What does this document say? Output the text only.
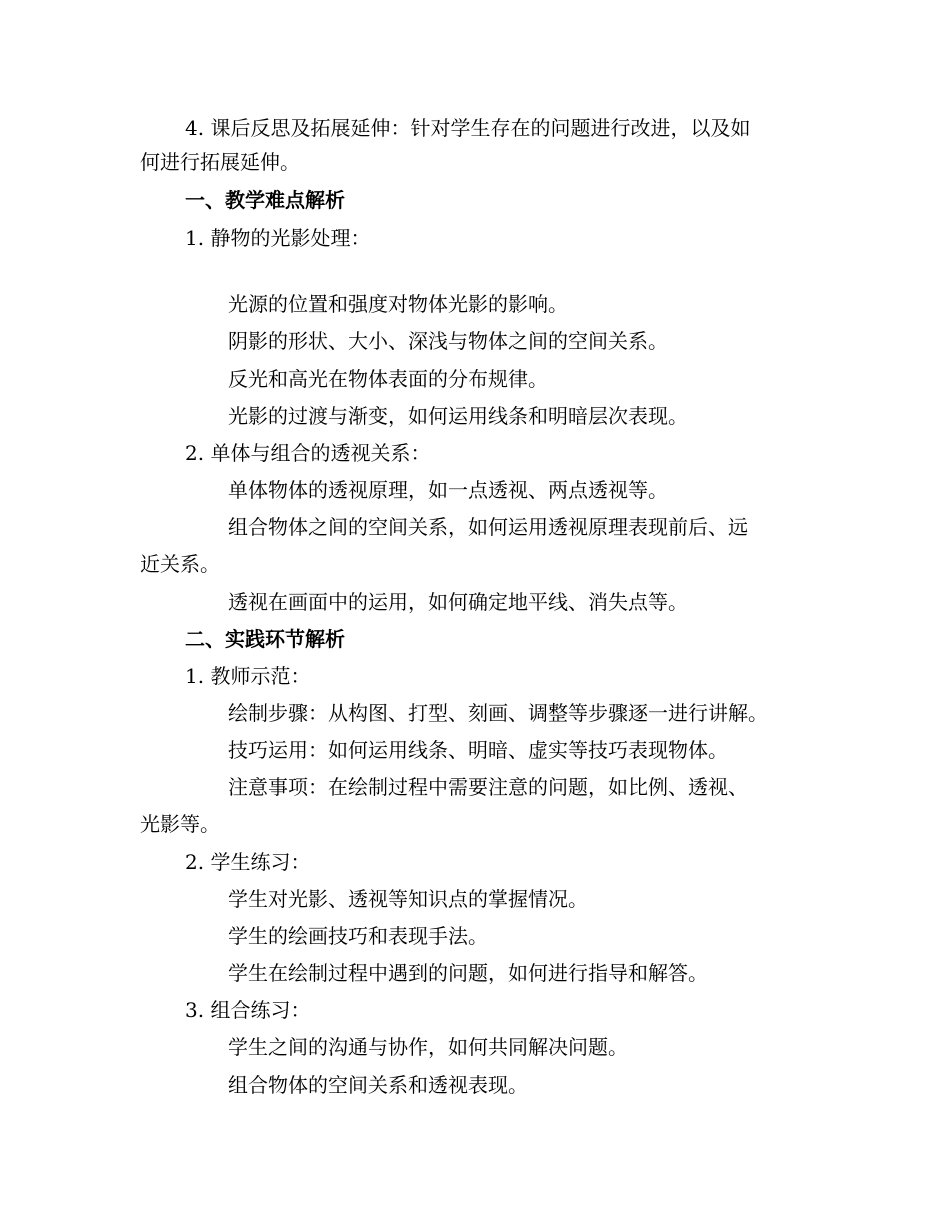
4. 课后反思及拓展延伸：针对学生存在的问题进行改进，以及如
何进行拓展延伸。
一、教学难点解析
1. 静物的光影处理：
光源的位置和强度对物体光影的影响。
阴影的形状、大小、深浅与物体之间的空间关系。
反光和高光在物体表面的分布规律。
光影的过渡与渐变，如何运用线条和明暗层次表现。
2. 单体与组合的透视关系：
单体物体的透视原理，如一点透视、两点透视等。
组合物体之间的空间关系，如何运用透视原理表现前后、远
近关系。
透视在画面中的运用，如何确定地平线、消失点等。
二、实践环节解析
1. 教师示范：
绘制步骤：从构图、打型、刻画、调整等步骤逐一进行讲解。
技巧运用：如何运用线条、明暗、虚实等技巧表现物体。
注意事项：在绘制过程中需要注意的问题，如比例、透视、
光影等。
2. 学生练习：
学生对光影、透视等知识点的掌握情况。
学生的绘画技巧和表现手法。
学生在绘制过程中遇到的问题，如何进行指导和解答。
3. 组合练习：
学生之间的沟通与协作，如何共同解决问题。
组合物体的空间关系和透视表现。
